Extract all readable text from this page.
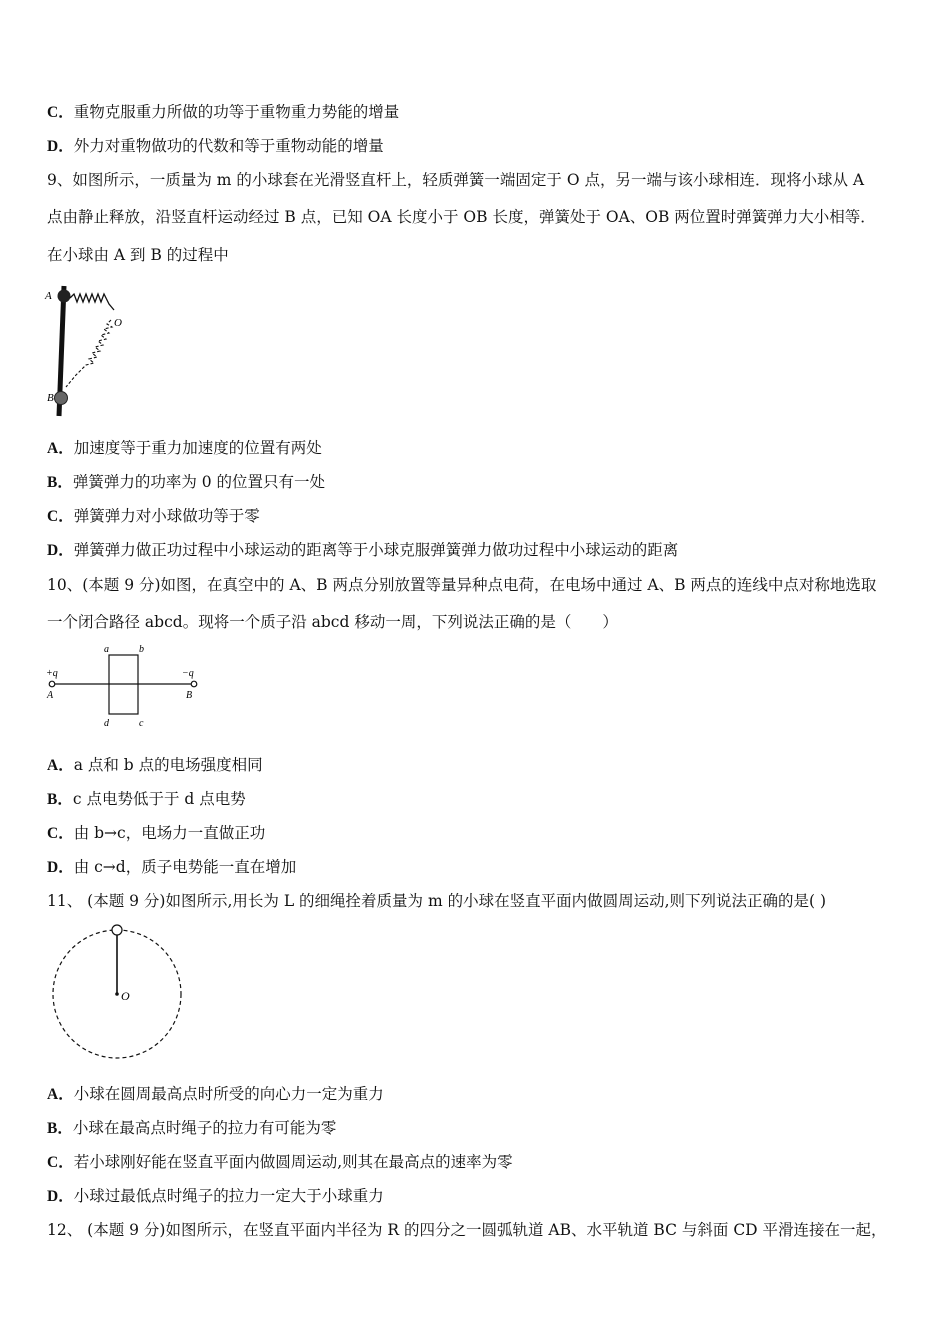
C．重物克服重力所做的功等于重物重力势能的增量
D．外力对重物做功的代数和等于重物动能的增量
9、如图所示，一质量为 m 的小球套在光滑竖直杆上，轻质弹簧一端固定于 O 点，另一端与该小球相连．现将小球从 A
点由静止释放，沿竖直杆运动经过 B 点，已知 OA 长度小于 OB 长度，弹簧处于 OA、OB 两位置时弹簧弹力大小相等．
在小球由 A 到 B 的过程中
A
B
O
A．加速度等于重力加速度的位置有两处
B．弹簧弹力的功率为 0 的位置只有一处
C．弹簧弹力对小球做功等于零
D．弹簧弹力做正功过程中小球运动的距离等于小球克服弹簧弹力做功过程中小球运动的距离
10、(本题 9 分)如图，在真空中的 A、B 两点分别放置等量异种点电荷，在电场中通过 A、B 两点的连线中点对称地选取
一个闭合路径 abcd。现将一个质子沿 abcd 移动一周，下列说法正确的是（　　）
+q	−q
A	B
a	b
c
d
A．a 点和 b 点的电场强度相同
B．c 点电势低于于 d 点电势
C．由 b→c，电场力一直做正功
D．由 c→d，质子电势能一直在增加
11、 (本题 9 分)如图所示,用长为 L 的细绳拴着质量为 m 的小球在竖直平面内做圆周运动,则下列说法正确的是( )
O
A．小球在圆周最高点时所受的向心力一定为重力
B．小球在最高点时绳子的拉力有可能为零
C．若小球刚好能在竖直平面内做圆周运动,则其在最高点的速率为零
D．小球过最低点时绳子的拉力一定大于小球重力
12、 (本题 9 分)如图所示，在竖直平面内半径为 R 的四分之一圆弧轨道 AB、水平轨道 BC 与斜面 CD 平滑连接在一起，
